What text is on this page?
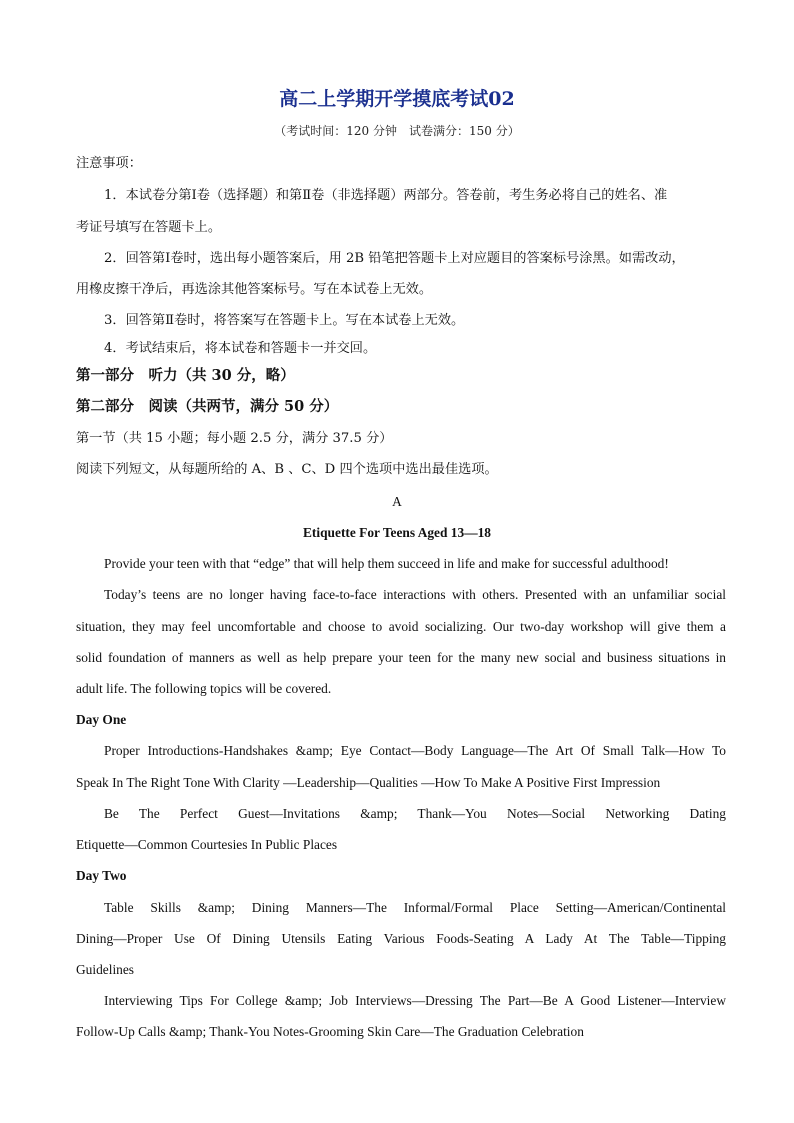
高二上学期开学摸底考试02
（考试时间：120 分钟　试卷满分：150 分）
注意事项：
1．本试卷分第Ⅰ卷（选择题）和第Ⅱ卷（非选择题）两部分。答卷前，考生务必将自己的姓名、准
考证号填写在答题卡上。
2．回答第Ⅰ卷时，选出每小题答案后，用 2B 铅笔把答题卡上对应题目的答案标号涂黑。如需改动，
用橡皮擦干净后，再选涂其他答案标号。写在本试卷上无效。
3．回答第Ⅱ卷时，将答案写在答题卡上。写在本试卷上无效。
4．考试结束后，将本试卷和答题卡一并交回。
第一部分　听力（共 30 分，略）
第二部分　阅读（共两节，满分 50 分）
第一节（共 15 小题；每小题 2.5 分，满分 37.5 分）
阅读下列短文，从每题所给的 A、B 、C、D 四个选项中选出最佳选项。
A
Etiquette For Teens Aged 13—18
Provide your teen with that “edge” that will help them succeed in life and make for successful adulthood!
Today’s teens are no longer having face-to-face interactions with others. Presented with an unfamiliar social
situation, they may feel uncomfortable and choose to avoid socializing. Our two-day workshop will give them a
solid foundation of manners as well as help prepare your teen for the many new social and business situations in
adult life. The following topics will be covered.
Day One
Proper Introductions-Handshakes &amp; Eye Contact—Body Language—The Art Of Small Talk—How To
Speak In The Right Tone With Clarity —Leadership—Qualities —How To Make A Positive First Impression
Be The Perfect Guest—Invitations &amp; Thank—You Notes—Social Networking Dating
Etiquette—Common Courtesies In Public Places
Day Two
Table Skills &amp; Dining Manners—The Informal/Formal Place Setting—American/Continental
Dining—Proper Use Of Dining Utensils Eating Various Foods-Seating A Lady At The Table—Tipping
Guidelines
Interviewing Tips For College &amp; Job Interviews—Dressing The Part—Be A Good Listener—Interview
Follow-Up Calls &amp; Thank-You Notes-Grooming Skin Care—The Graduation Celebration
